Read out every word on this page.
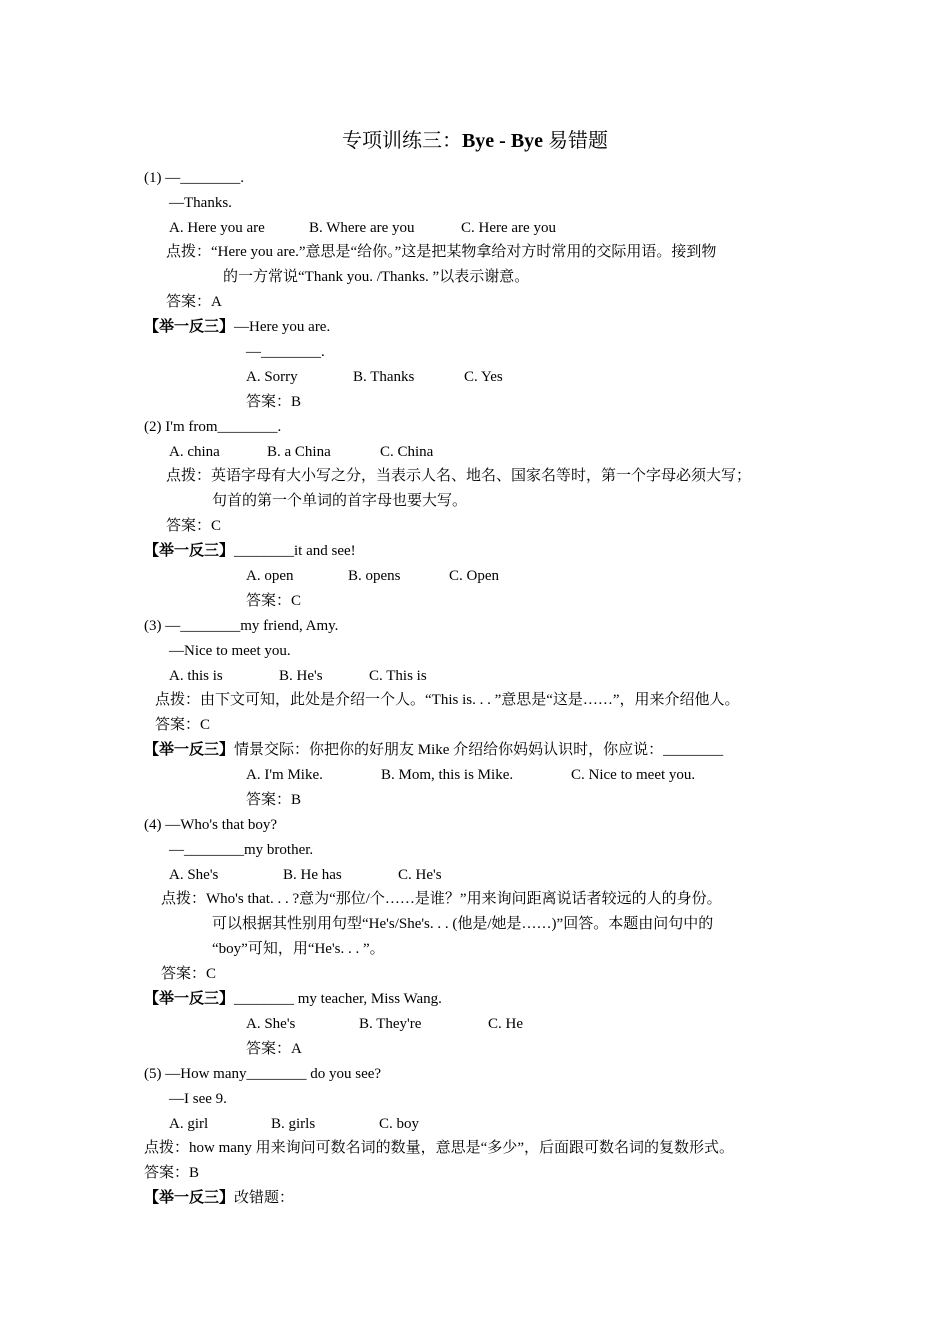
专项训练三：Bye - Bye 易错题
(1) —________.
—Thanks.
A. Here you are	B. Where are you	C. Here are you
点拨：“Here you are.”意思是“给你。”这是把某物拿给对方时常用的交际用语。接到物
的一方常说“Thank you. /Thanks. ”以表示谢意。
答案：A
【举一反三】—Here you are.
—________.
A. Sorry	B. Thanks	C. Yes
答案：B
(2) I'm from________.
A. china	B. a China	C. China
点拨：英语字母有大小写之分，当表示人名、地名、国家名等时，第一个字母必须大写；
句首的第一个单词的首字母也要大写。
答案：C
【举一反三】________it and see!
A. open	B. opens	C. Open
答案：C
(3) —________my friend, Amy.
—Nice to meet you.
A. this is	B. He's	C. This is
点拨：由下文可知，此处是介绍一个人。“This is. . . ”意思是“这是……”，用来介绍他人。
答案：C
【举一反三】情景交际：你把你的好朋友 Mike 介绍给你妈妈认识时，你应说：________
A. I'm Mike.	B. Mom, this is Mike.	C. Nice to meet you.
答案：B
(4) —Who's that boy?
—________my brother.
A. She's	B. He has	C. He's
点拨：Who's that. . . ?意为“那位/个……是谁？”用来询问距离说话者较远的人的身份。
可以根据其性别用句型“He's/She's. . . (他是/她是……)”回答。本题由问句中的
“boy”可知，用“He's. . . ”。
答案：C
【举一反三】________ my teacher, Miss Wang.
A. She's	B. They're	C. He
答案：A
(5) —How many________ do you see?
—I see 9.
A. girl	B. girls	C. boy
点拨：how many 用来询问可数名词的数量，意思是“多少”，后面跟可数名词的复数形式。
答案：B
【举一反三】改错题：
